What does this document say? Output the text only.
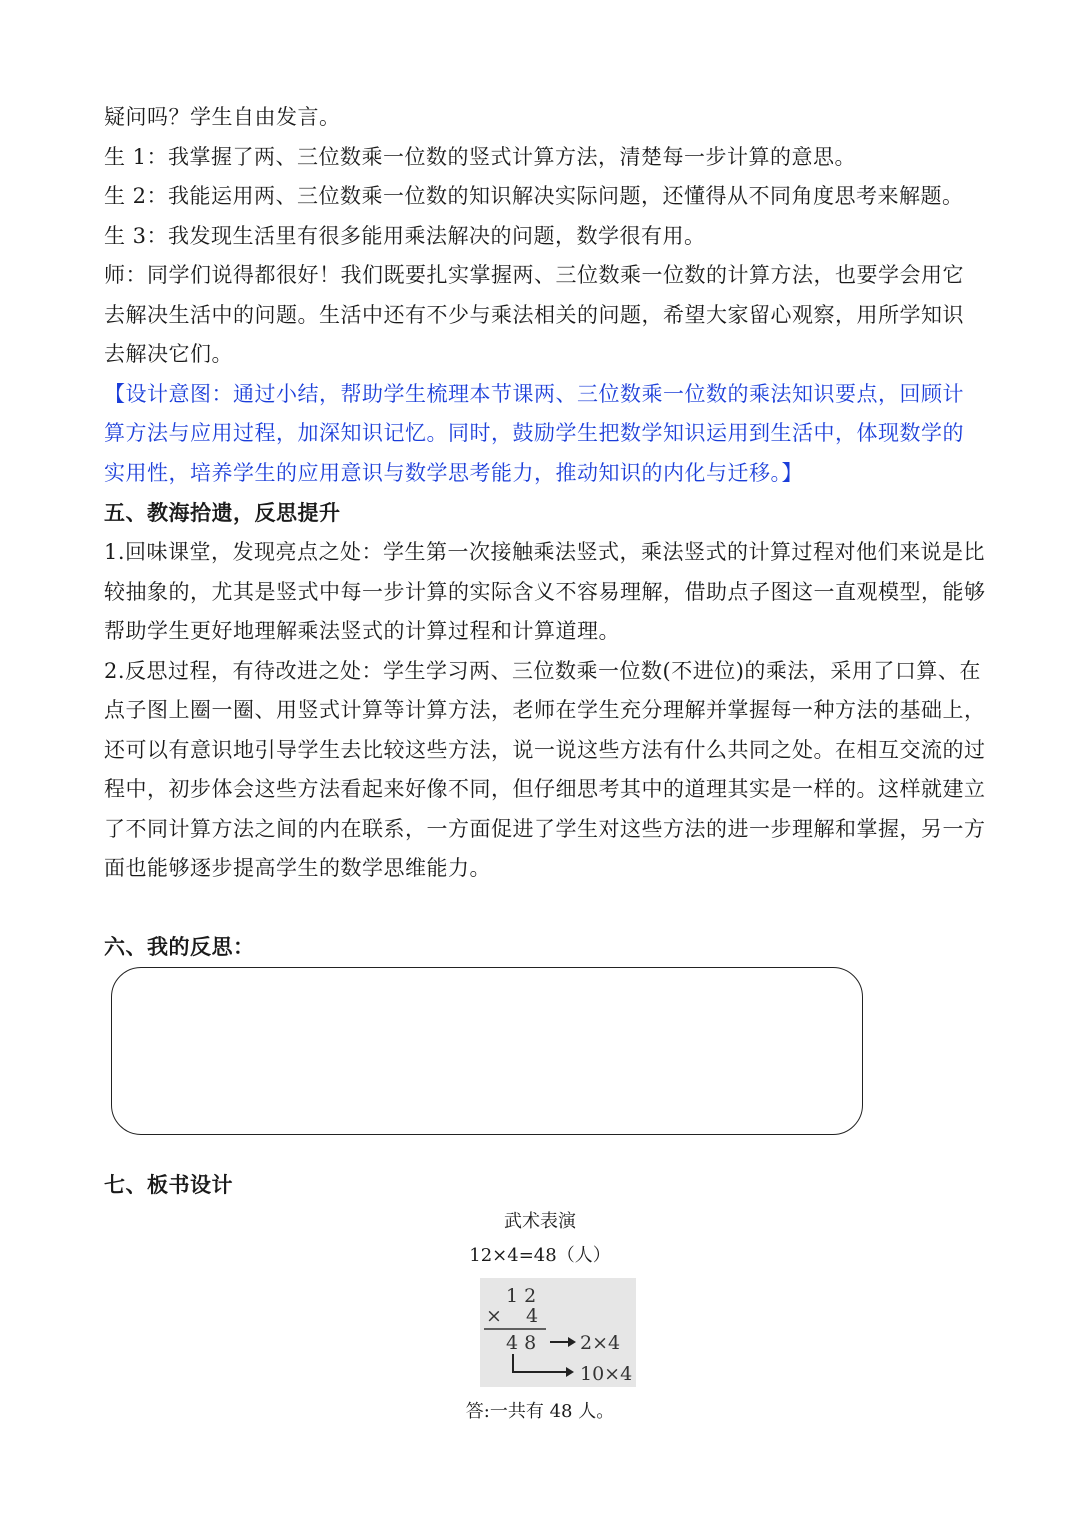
疑问吗？学生自由发言。
生 1：我掌握了两、三位数乘一位数的竖式计算方法，清楚每一步计算的意思。
生 2：我能运用两、三位数乘一位数的知识解决实际问题，还懂得从不同角度思考来解题。
生 3：我发现生活里有很多能用乘法解决的问题，数学很有用。
师：同学们说得都很好！我们既要扎实掌握两、三位数乘一位数的计算方法，也要学会用它
去解决生活中的问题。生活中还有不少与乘法相关的问题，希望大家留心观察，用所学知识
去解决它们。
【设计意图：通过小结，帮助学生梳理本节课两、三位数乘一位数的乘法知识要点，回顾计
算方法与应用过程，加深知识记忆。同时，鼓励学生把数学知识运用到生活中，体现数学的
实用性，培养学生的应用意识与数学思考能力，推动知识的内化与迁移。】
五、教海拾遗，反思提升
1.回味课堂，发现亮点之处：学生第一次接触乘法竖式，乘法竖式的计算过程对他们来说是比
较抽象的，尤其是竖式中每一步计算的实际含义不容易理解，借助点子图这一直观模型，能够
帮助学生更好地理解乘法竖式的计算过程和计算道理。
2.反思过程，有待改进之处：学生学习两、三位数乘一位数(不进位)的乘法，采用了口算、在
点子图上圈一圈、用竖式计算等计算方法，老师在学生充分理解并掌握每一种方法的基础上，
还可以有意识地引导学生去比较这些方法，说一说这些方法有什么共同之处。在相互交流的过
程中，初步体会这些方法看起来好像不同，但仔细思考其中的道理其实是一样的。这样就建立
了不同计算方法之间的内在联系，一方面促进了学生对这些方法的进一步理解和掌握，另一方
面也能够逐步提高学生的数学思维能力。
六、我的反思：
七、板书设计
武术表演
12×4=48（人）
1 2
× 4
4 8 2×4
10×4
答:一共有 48 人。
